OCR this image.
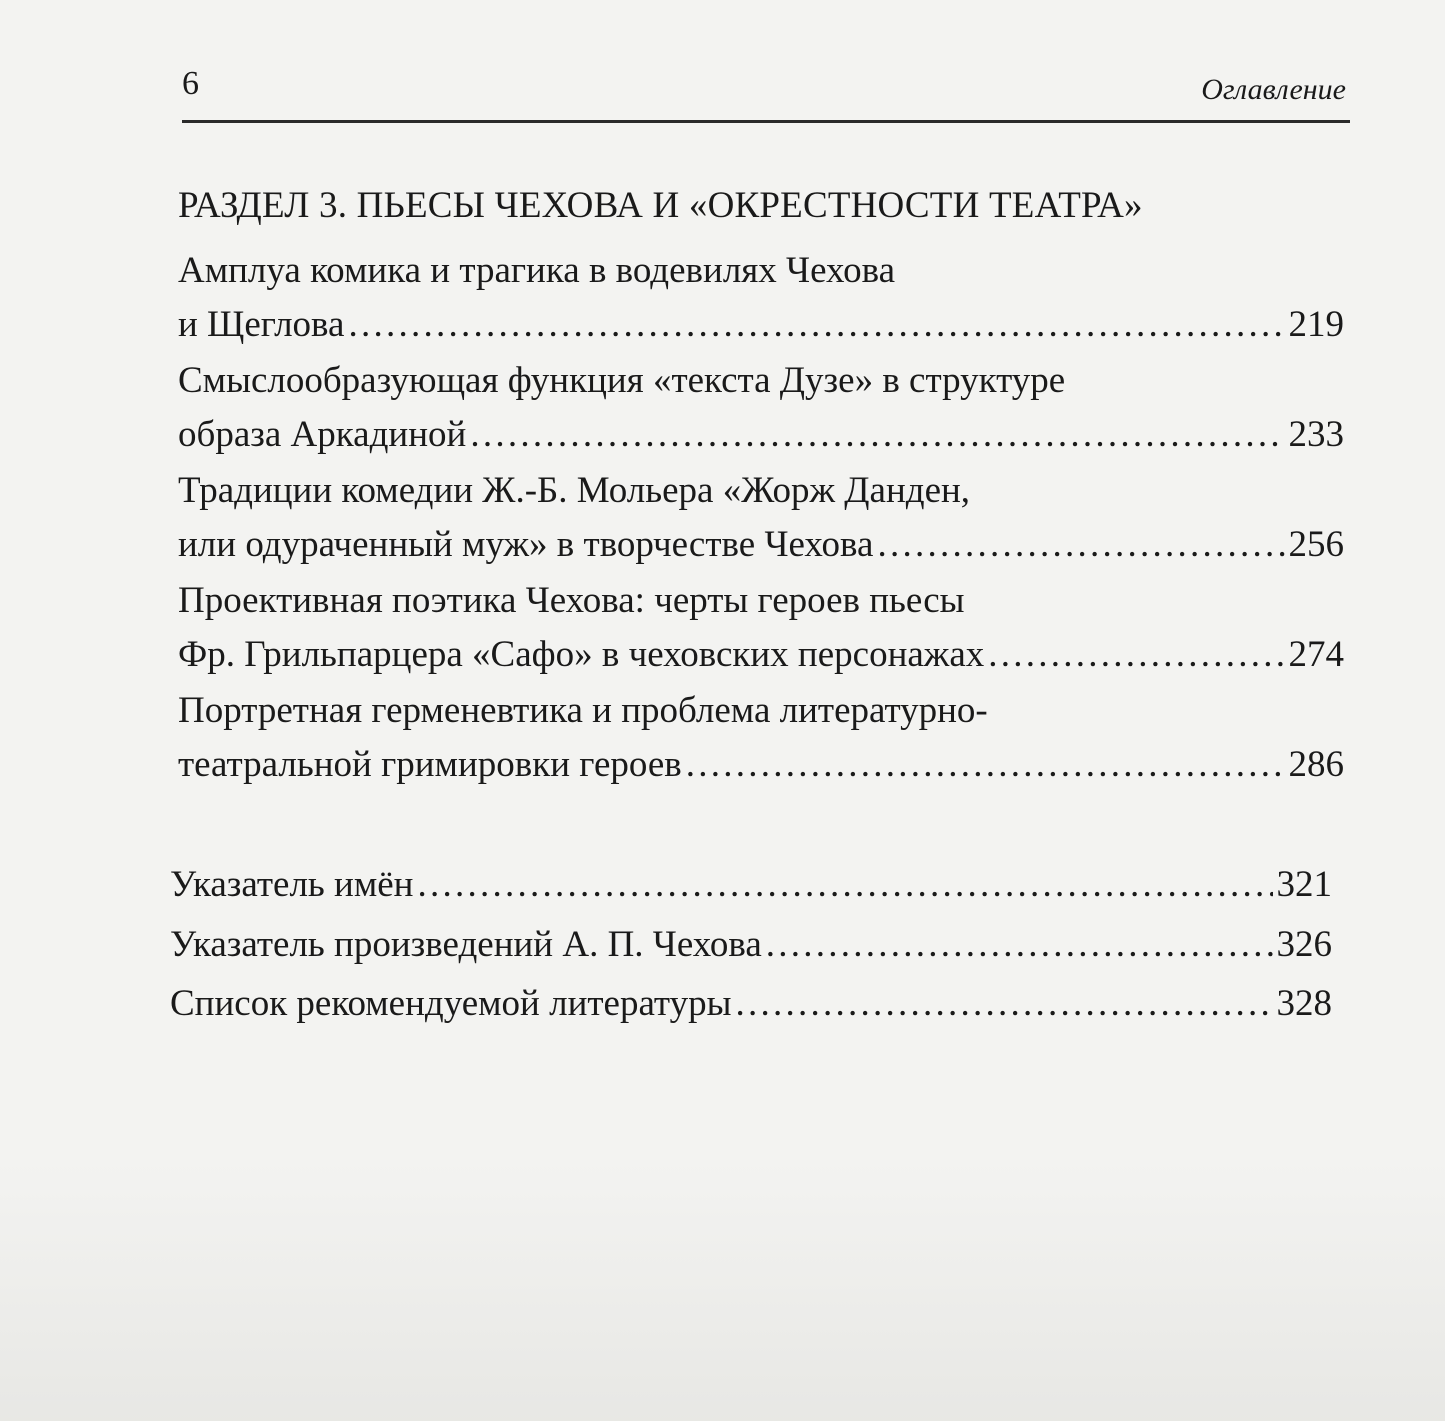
6	Оглавление
РАЗДЕЛ 3. ПЬЕСЫ ЧЕХОВА И «ОКРЕСТНОСТИ ТЕАТРА»
Амплуа комика и трагика в водевилях Чехова
и Щеглова . . .	219
Смыслообразующая функция «текста Дузе» в структуре
образа Аркадиной . . .	233
Традиции комедии Ж.-Б. Мольера «Жорж Данден,
или одураченный муж» в творчестве Чехова . . .	256
Проективная поэтика Чехова: черты героев пьесы
Фр. Грильпарцера «Сафо» в чеховских персонажах . . .	274
Портретная герменевтика и проблема литературно-
театральной гримировки героев . . .	286
Указатель имён . . .	321
Указатель произведений А. П. Чехова . . .	326
Список рекомендуемой литературы . . .	328
